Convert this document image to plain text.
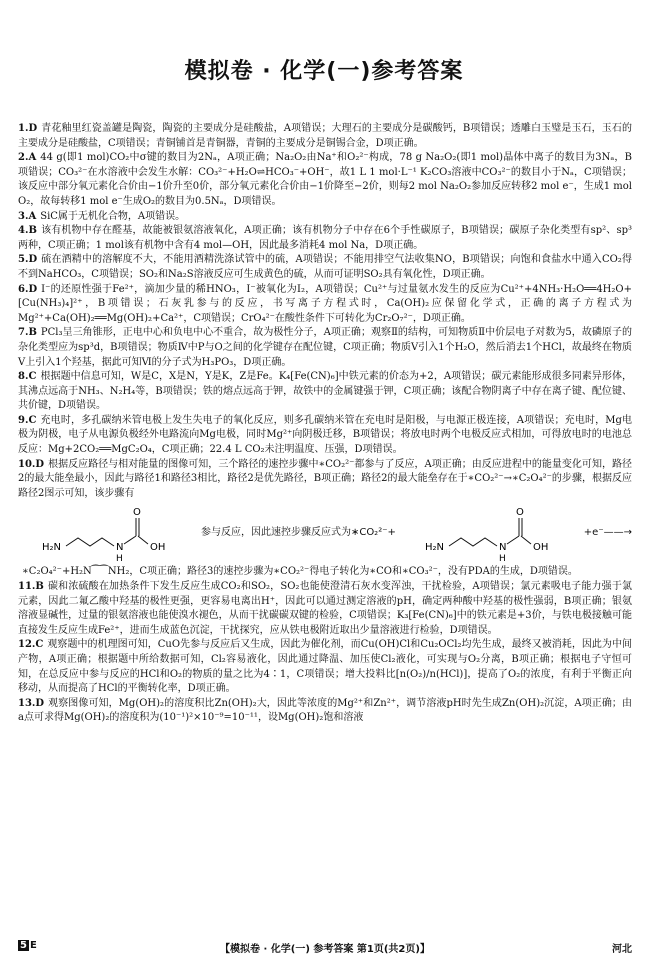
模拟卷 · 化学(一)参考答案

1.D 青花釉里红瓷盖罐是陶瓷，陶瓷的主要成分是硅酸盐，A项错误；大理石的主要成分是碳酸钙，B项错误；透雕白玉璧是玉石，玉石的主要成分是硅酸盐，C项错误；青铜铺首是青铜器，青铜的主要成分是铜锡合金，D项正确。

2.A 44 g(即1 mol)CO₂中σ键的数目为2Nₐ，A项正确；Na₂O₂由Na⁺和O₂²⁻构成，78 g Na₂O₂(即1 mol)晶体中离子的数目为3Nₐ，B项错误；CO₃²⁻在水溶液中会发生水解：CO₃²⁻+H₂O⇌HCO₃⁻+OH⁻，故1 L 1 mol·L⁻¹ K₂CO₃溶液中CO₃²⁻的数目小于Nₐ，C项错误；该反应中部分氧元素化合价由−1价升至0价，部分氧元素化合价由−1价降至−2价，则每2 mol Na₂O₂参加反应转移2 mol e⁻，生成1 mol O₂，故每转移1 mol e⁻生成O₂的数目为0.5Nₐ，D项错误。

3.A SiC属于无机化合物，A项错误。

4.B 该有机物中存在醛基，故能被银氨溶液氧化，A项正确；该有机物分子中存在6个手性碳原子，B项错误；碳原子杂化类型有sp²、sp³两种，C项正确；1 mol该有机物中含有4 mol—OH，因此最多消耗4 mol Na，D项正确。

5.D 硫在酒精中的溶解度不大，不能用酒精洗涤试管中的硫，A项错误；不能用排空气法收集NO，B项错误；向饱和食盐水中通入CO₂得不到NaHCO₃，C项错误；SO₂和Na₂S溶液反应可生成黄色的硫，从而可证明SO₂具有氧化性，D项正确。

6.D I⁻的还原性强于Fe²⁺，滴加少量的稀HNO₃，I⁻被氧化为I₂，A项错误；Cu²⁺与过量氨水发生的反应为Cu²⁺+4NH₃·H₂O══4H₂O+[Cu(NH₃)₄]²⁺，B项错误；石灰乳参与的反应，书写离子方程式时，Ca(OH)₂应保留化学式，正确的离子方程式为Mg²⁺+Ca(OH)₂══Mg(OH)₂+Ca²⁺，C项错误；CrO₄²⁻在酸性条件下可转化为Cr₂O₇²⁻，D项正确。

7.B PCl₃呈三角锥形，正电中心和负电中心不重合，故为极性分子，A项正确；观察Ⅱ的结构，可知物质Ⅱ中价层电子对数为5，故磷原子的杂化类型应为sp³d，B项错误；物质Ⅳ中P与O之间的化学键存在配位键，C项正确；物质Ⅴ引入1个H₂O，然后消去1个HCl，故最终在物质Ⅴ上引入1个羟基，据此可知Ⅵ的分子式为H₃PO₃，D项正确。

8.C 根据题中信息可知，W是C，X是N，Y是K，Z是Fe。K₄[Fe(CN)₆]中铁元素的价态为+2，A项错误；碳元素能形成很多同素异形体，其沸点远高于NH₃、N₂H₄等，B项错误；铁的熔点远高于钾，故铁中的金属键强于钾，C项正确；该配合物阴离子中存在离子键、配位键、共价键，D项错误。

9.C 充电时，多孔碳纳米管电极上发生失电子的氧化反应，则多孔碳纳米管在充电时是阳极，与电源正极连接，A项错误；充电时，Mg电极为阴极，电子从电源负极经外电路流向Mg电极，同时Mg²⁺向阴极迁移，B项错误；将放电时两个电极反应式相加，可得放电时的电池总反应：Mg+2CO₂══MgC₂O₄，C项正确；22.4 L CO₂未注明温度、压强，D项错误。

10.D 根据反应路径与相对能量的图像可知，三个路径的速控步骤中∗CO₂²⁻都参与了反应，A项正确；由反应进程中的能量变化可知，路径2的最大能垒最小，因此与路径1和路径3相比，路径2是优先路径，B项正确；路径2的最大能垒存在于∗CO₂²⁻→∗C₂O₄²⁻的步骤，根据反应路径2图示可知，该步骤有

H₂N	N
H
O
OH
参与反应，因此速控步骤反应式为∗CO₂²⁻+
H₂N	N
H
O
OH
+e⁻——→

∗C₂O₄²⁻+H₂N⁀⁀NH₂，C项正确；路径3的速控步骤为∗CO₂²⁻得电子转化为∗CO和∗CO₃²⁻，没有PDA的生成，D项错误。

11.B 碳和浓硫酸在加热条件下发生反应生成CO₂和SO₂，SO₂也能使澄清石灰水变浑浊，干扰检验，A项错误；氯元素吸电子能力强于氯元素，因此二氟乙酸中羟基的极性更强，更容易电离出H⁺，因此可以通过测定溶液的pH，确定两种酸中羟基的极性强弱，B项正确；银氨溶液显碱性，过量的银氨溶液也能使溴水褪色，从而干扰碳碳双键的检验，C项错误；K₃[Fe(CN)₆]中的铁元素是+3价，与铁电极接触可能直接发生反应生成Fe²⁺，进而生成蓝色沉淀，干扰探究，应从铁电极附近取出少量溶液进行检验，D项错误。

12.C 观察题中的机理图可知，CuO先参与反应后又生成，因此为催化剂，而Cu(OH)Cl和Cu₂OCl₂均先生成，最终又被消耗，因此为中间产物，A项正确；根据题中所给数据可知，Cl₂容易液化，因此通过降温、加压使Cl₂液化，可实现与O₂分离，B项正确；根据电子守恒可知，在总反应中参与反应的HCl和O₂的物质的量之比为4∶1，C项错误；增大投料比[n(O₂)/n(HCl)]，提高了O₂的浓度，有利于平衡正向移动，从而提高了HCl的平衡转化率，D项正确。

13.D 观察图像可知，Mg(OH)₂的溶度积比Zn(OH)₂大，因此等浓度的Mg²⁺和Zn²⁺，调节溶液pH时先生成Zn(OH)₂沉淀，A项正确；由a点可求得Mg(OH)₂的溶度积为(10⁻¹)²×10⁻⁹=10⁻¹¹，设Mg(OH)₂饱和溶液

5 E	【模拟卷 · 化学(一) 参考答案 第1页(共2页)】	河北
